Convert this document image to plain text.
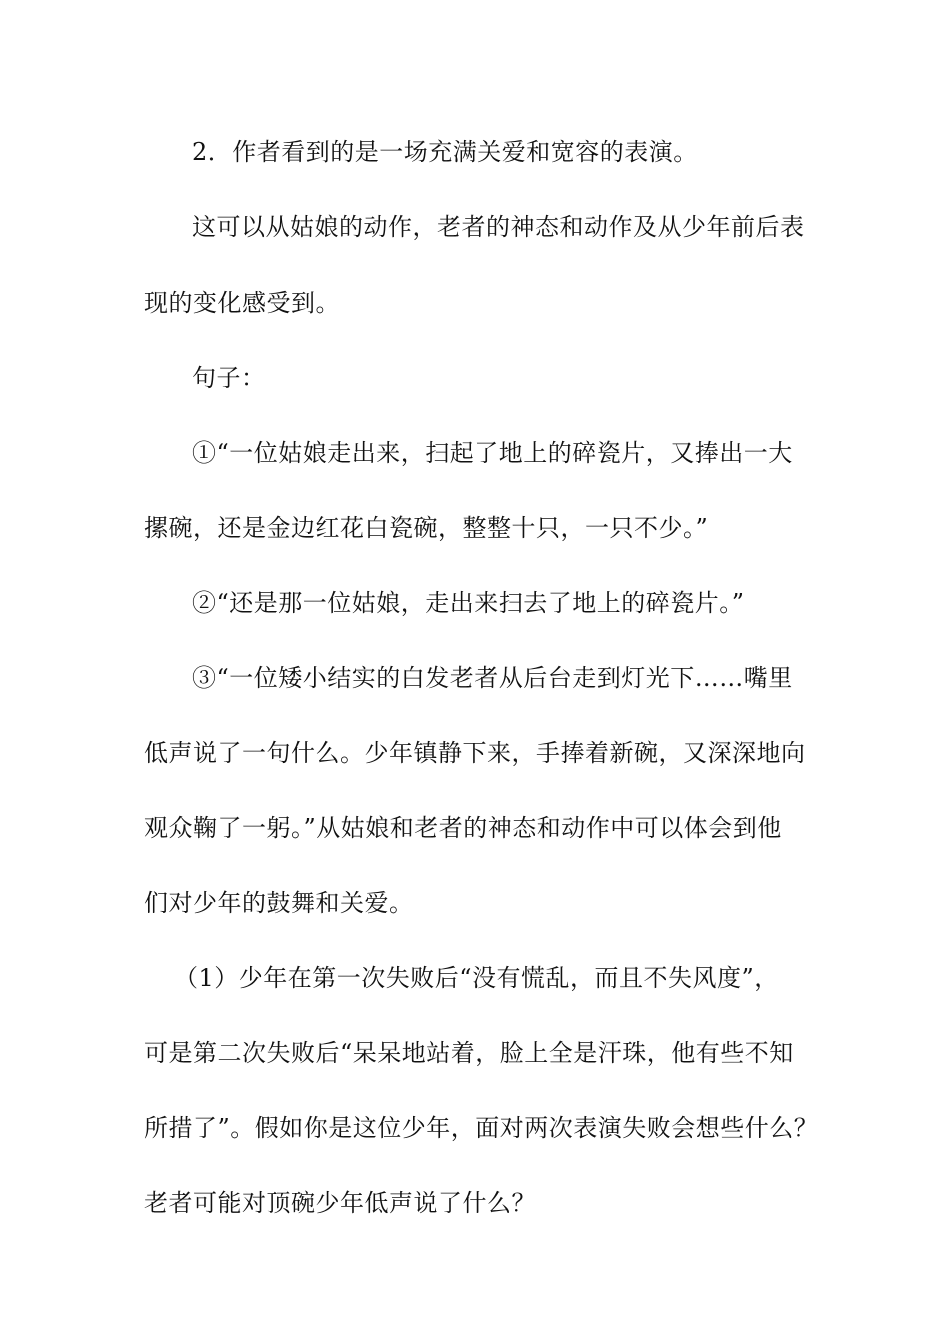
2．作者看到的是一场充满关爱和宽容的表演。
这可以从姑娘的动作，老者的神态和动作及从少年前后表
现的变化感受到。
句子：
①“一位姑娘走出来，扫起了地上的碎瓷片，又捧出一大
摞碗，还是金边红花白瓷碗，整整十只，一只不少。”
②“还是那一位姑娘，走出来扫去了地上的碎瓷片。”
③“一位矮小结实的白发老者从后台走到灯光下……嘴里
低声说了一句什么。少年镇静下来，手捧着新碗，又深深地向
观众鞠了一躬。”从姑娘和老者的神态和动作中可以体会到他
们对少年的鼓舞和关爱。
（1）少年在第一次失败后“没有慌乱，而且不失风度”，
可是第二次失败后“呆呆地站着，脸上全是汗珠，他有些不知
所措了”。假如你是这位少年，面对两次表演失败会想些什么？
老者可能对顶碗少年低声说了什么？
